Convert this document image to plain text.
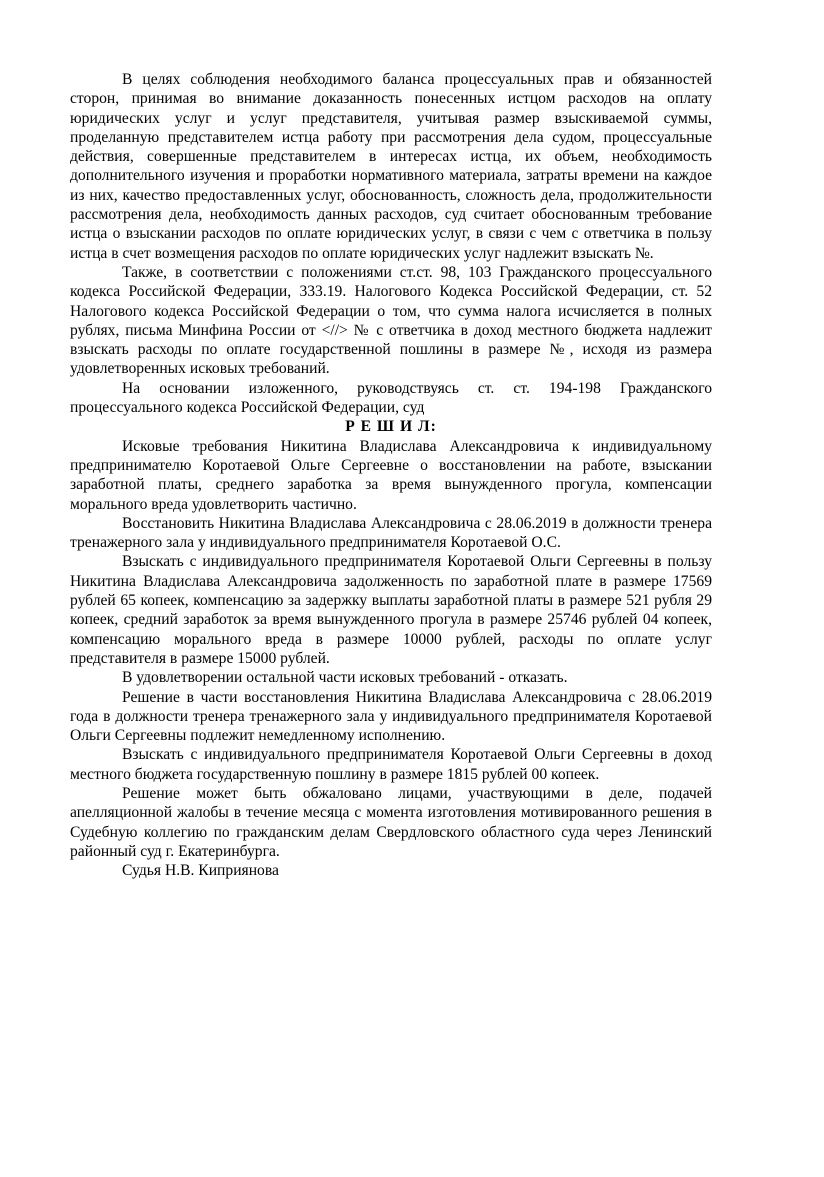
В целях соблюдения необходимого баланса процессуальных прав и обязанностей сторон, принимая во внимание доказанность понесенных истцом расходов на оплату юридических услуг и услуг представителя, учитывая размер взыскиваемой суммы, проделанную представителем истца работу при рассмотрения дела судом, процессуальные действия, совершенные представителем в интересах истца, их объем, необходимость дополнительного изучения и проработки нормативного материала, затраты времени на каждое из них, качество предоставленных услуг, обоснованность, сложность дела, продолжительности рассмотрения дела, необходимость данных расходов, суд считает обоснованным требование истца о взыскании расходов по оплате юридических услуг, в связи с чем с ответчика в пользу истца в счет возмещения расходов по оплате юридических услуг надлежит взыскать №.

Также, в соответствии с положениями ст.ст. 98, 103 Гражданского процессуального кодекса Российской Федерации, 333.19. Налогового Кодекса Российской Федерации, ст. 52 Налогового кодекса Российской Федерации о том, что сумма налога исчисляется в полных рублях, письма Минфина России от <//> № с ответчика в доход местного бюджета надлежит взыскать расходы по оплате государственной пошлины в размере №, исходя из размера удовлетворенных исковых требований.

На основании изложенного, руководствуясь ст. ст. 194-198 Гражданского процессуального кодекса Российской Федерации, суд

Р Е Ш И Л:

Исковые требования Никитина Владислава Александровича к индивидуальному предпринимателю Коротаевой Ольге Сергеевне о восстановлении на работе, взыскании заработной платы, среднего заработка за время вынужденного прогула, компенсации морального вреда удовлетворить частично.

Восстановить Никитина Владислава Александровича с 28.06.2019 в должности тренера тренажерного зала у индивидуального предпринимателя Коротаевой О.С.

Взыскать с индивидуального предпринимателя Коротаевой Ольги Сергеевны в пользу Никитина Владислава Александровича задолженность по заработной плате в размере 17569 рублей 65 копеек, компенсацию за задержку выплаты заработной платы в размере 521 рубля 29 копеек, средний заработок за время вынужденного прогула в размере 25746 рублей 04 копеек, компенсацию морального вреда в размере 10000 рублей, расходы по оплате услуг представителя в размере 15000 рублей.

В удовлетворении остальной части исковых требований - отказать.

Решение в части восстановления Никитина Владислава Александровича с 28.06.2019 года в должности тренера тренажерного зала у индивидуального предпринимателя Коротаевой Ольги Сергеевны подлежит немедленному исполнению.

Взыскать с индивидуального предпринимателя Коротаевой Ольги Сергеевны в доход местного бюджета государственную пошлину в размере 1815 рублей 00 копеек.

Решение может быть обжаловано лицами, участвующими в деле, подачей апелляционной жалобы в течение месяца с момента изготовления мотивированного решения в Судебную коллегию по гражданским делам Свердловского областного суда через Ленинский районный суд г. Екатеринбурга.

Судья Н.В. Киприянова
